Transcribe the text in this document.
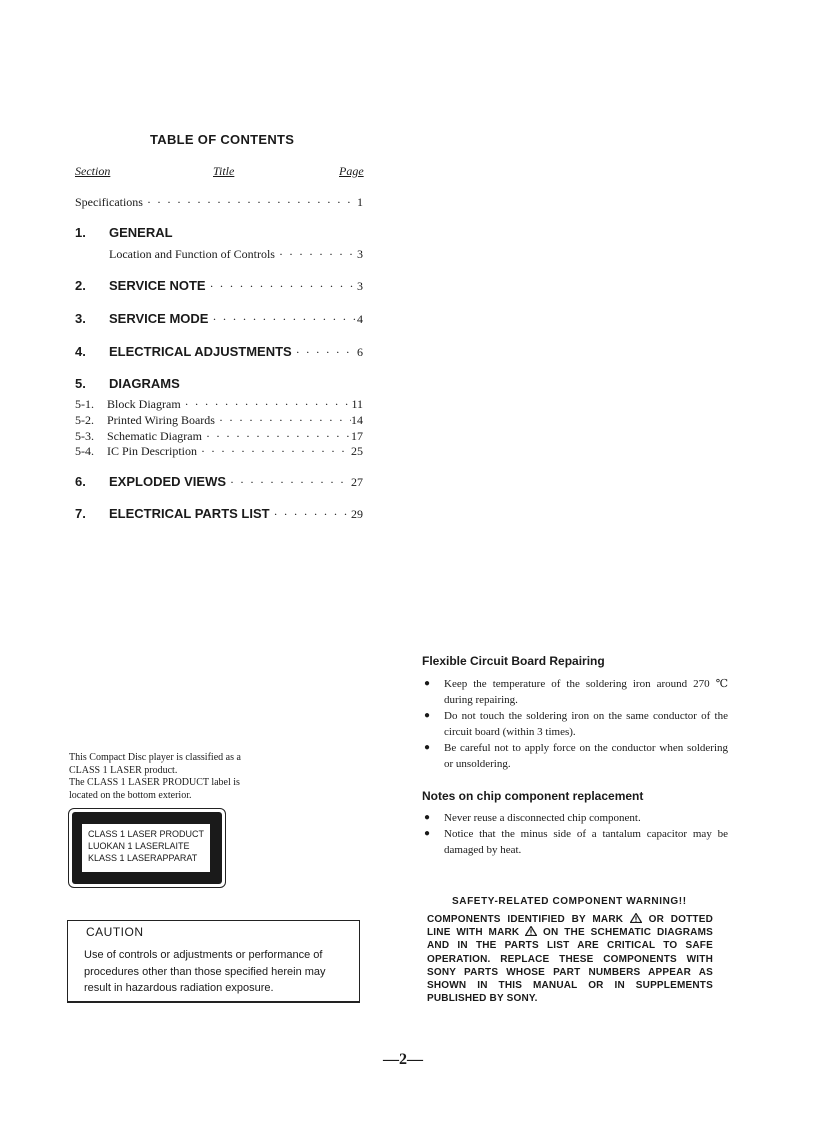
TABLE OF CONTENTS
Section	Title	Page
Specifications · · ·	1
1.	GENERAL
Location and Function of Controls · · ·	3
2.	SERVICE NOTE · · ·	3
3.	SERVICE MODE · · ·	4
4.	ELECTRICAL ADJUSTMENTS · · ·	6
5.	DIAGRAMS
5-1.	Block Diagram · · ·	11
5-2.	Printed Wiring Boards · · ·	14
5-3.	Schematic Diagram · · ·	17
5-4.	IC Pin Description · · ·	25
6.	EXPLODED VIEWS · · ·	27
7.	ELECTRICAL PARTS LIST · · ·	29
This Compact Disc player is classified as a
CLASS 1 LASER product.
The CLASS 1 LASER PRODUCT label is
located on the bottom exterior.
CLASS 1 LASER PRODUCT
LUOKAN 1 LASERLAITE
KLASS 1 LASERAPPARAT
CAUTION
Use of controls or adjustments or performance of procedures other than those specified herein may result in hazardous radiation exposure.
Flexible Circuit Board Repairing
●	Keep the temperature of the soldering iron around 270 ℃ during repairing.
●	Do not touch the soldering iron on the same conductor of the circuit board (within 3 times).
●	Be careful not to apply force on the conductor when soldering or unsoldering.
Notes on chip component replacement
●	Never reuse a disconnected chip component.
●	Notice that the minus side of a tantalum capacitor may be damaged by heat.
SAFETY-RELATED COMPONENT WARNING!!
COMPONENTS IDENTIFIED BY MARK	OR DOTTED LINE WITH MARK ON THE SCHEMATIC DIAGRAMS AND IN THE PARTS LIST ARE CRITICAL TO SAFE OPERATION. REPLACE THESE COMPONENTS WITH SONY PARTS WHOSE PART NUMBERS APPEAR AS SHOWN IN THIS MANUAL OR IN SUPPLEMENTS PUBLISHED BY SONY.
—2—
